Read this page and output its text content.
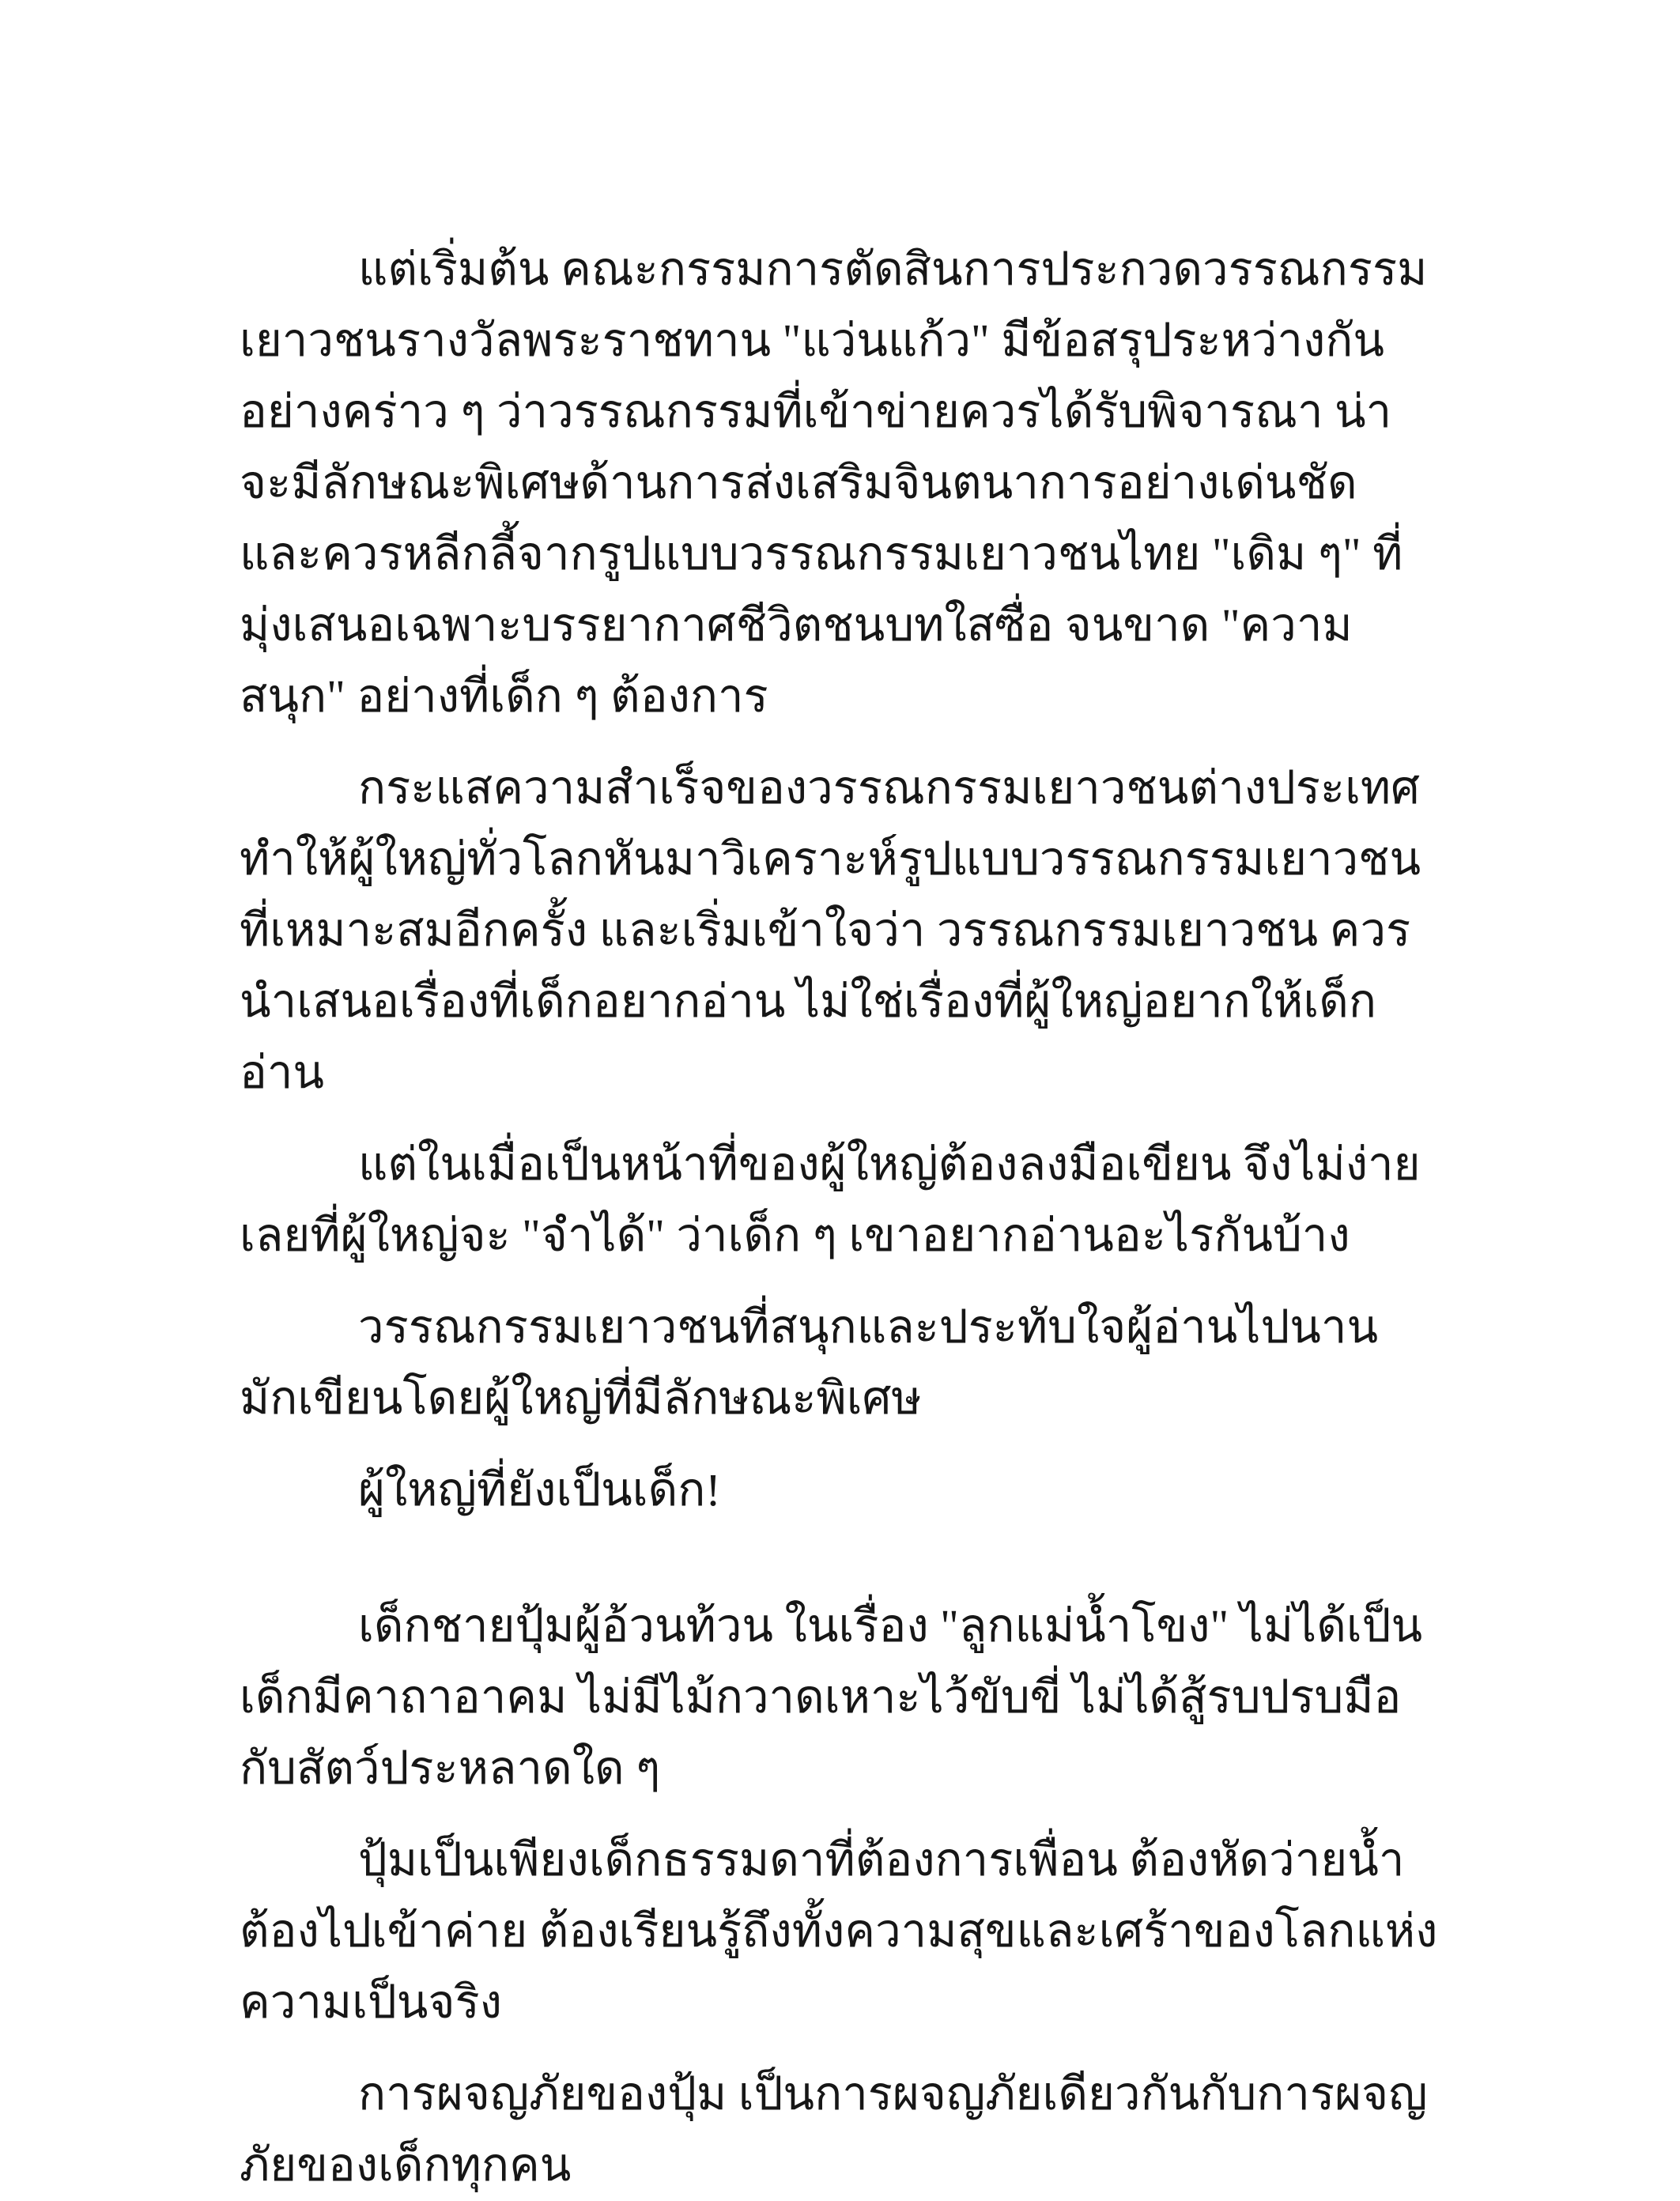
แต่เริ่มต้น คณะกรรมการตัดสินการประกวดวรรณกรรมเยาวชนรางวัลพระราชทาน "แว่นแก้ว" มีข้อสรุประหว่างกันอย่างคร่าว ๆ ว่าวรรณกรรมที่เข้าข่ายควรได้รับพิจารณา น่าจะมีลักษณะพิเศษด้านการส่งเสริมจินตนาการอย่างเด่นชัด และควรหลีกลี้จากรูปแบบวรรณกรรมเยาวชนไทย "เดิม ๆ" ที่มุ่งเสนอเฉพาะบรรยากาศชีวิตชนบทใสซื่อ จนขาด "ความสนุก" อย่างที่เด็ก ๆ ต้องการ

กระแสความสำเร็จของวรรณกรรมเยาวชนต่างประเทศ ทำให้ผู้ใหญ่ทั่วโลกหันมาวิเคราะห์รูปแบบวรรณกรรมเยาวชนที่เหมาะสมอีกครั้ง และเริ่มเข้าใจว่า วรรณกรรมเยาวชน ควรนำเสนอเรื่องที่เด็กอยากอ่าน ไม่ใช่เรื่องที่ผู้ใหญ่อยากให้เด็กอ่าน

แต่ในเมื่อเป็นหน้าที่ของผู้ใหญ่ต้องลงมือเขียน จึงไม่ง่ายเลยที่ผู้ใหญ่จะ "จำได้" ว่าเด็ก ๆ เขาอยากอ่านอะไรกันบ้าง

วรรณกรรมเยาวชนที่สนุกและประทับใจผู้อ่านไปนาน มักเขียนโดยผู้ใหญ่ที่มีลักษณะพิเศษ

ผู้ใหญ่ที่ยังเป็นเด็ก!

เด็กชายปุ้มผู้อ้วนท้วน ในเรื่อง "ลูกแม่น้ำโขง" ไม่ได้เป็นเด็กมีคาถาอาคม ไม่มีไม้กวาดเหาะไว้ขับขี่ ไม่ได้สู้รบปรบมือกับสัตว์ประหลาดใด ๆ

ปุ้มเป็นเพียงเด็กธรรมดาที่ต้องการเพื่อน ต้องหัดว่ายน้ำ ต้องไปเข้าค่าย ต้องเรียนรู้ถึงทั้งความสุขและเศร้าของโลกแห่งความเป็นจริง

การผจญภัยของปุ้ม เป็นการผจญภัยเดียวกันกับการผจญภัยของเด็กทุกคน
